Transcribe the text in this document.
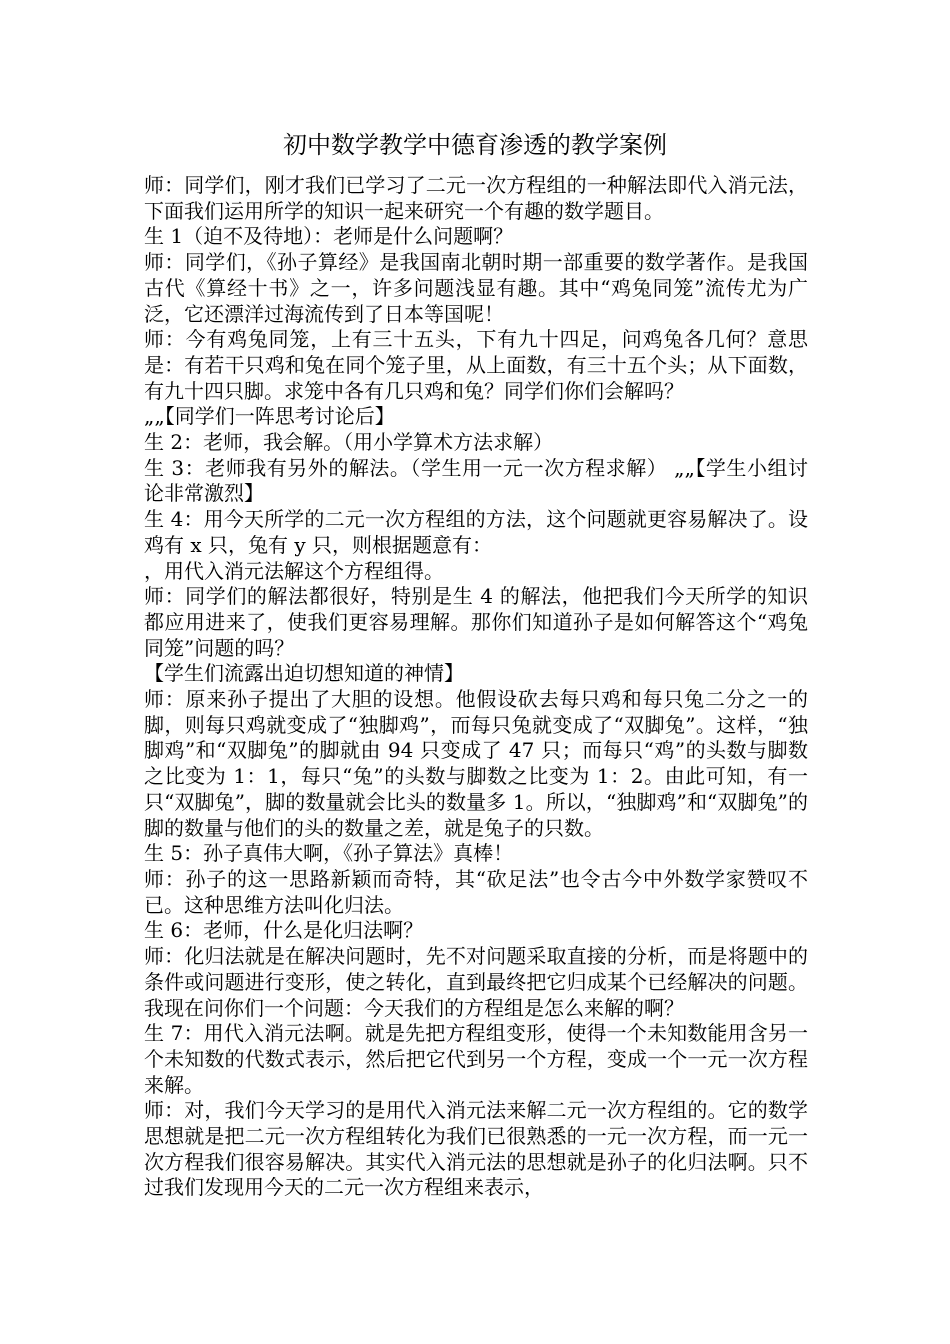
初中数学教学中德育渗透的教学案例

师：同学们，刚才我们已学习了二元一次方程组的一种解法即代入消元法，下面我们运用所学的知识一起来研究一个有趣的数学题目。

生 1（迫不及待地）：老师是什么问题啊？

师：同学们，《孙子算经》是我国南北朝时期一部重要的数学著作。是我国古代《算经十书》之一，许多问题浅显有趣。其中“鸡兔同笼”流传尤为广泛，它还漂洋过海流传到了日本等国呢！

师：今有鸡兔同笼，上有三十五头，下有九十四足，问鸡兔各几何？意思是：有若干只鸡和兔在同个笼子里，从上面数，有三十五个头；从下面数，有九十四只脚。求笼中各有几只鸡和兔？同学们你们会解吗？

„„【同学们一阵思考讨论后】

生 2：老师，我会解。（用小学算术方法求解）

生 3：老师我有另外的解法。（学生用一元一次方程求解） „„【学生小组讨论非常激烈】

生 4：用今天所学的二元一次方程组的方法，这个问题就更容易解决了。设鸡有 x 只，兔有 y 只，则根据题意有：

，用代入消元法解这个方程组得。

师：同学们的解法都很好，特别是生 4 的解法，他把我们今天所学的知识都应用进来了，使我们更容易理解。那你们知道孙子是如何解答这个“鸡兔同笼”问题的吗？

【学生们流露出迫切想知道的神情】

师：原来孙子提出了大胆的设想。他假设砍去每只鸡和每只兔二分之一的脚，则每只鸡就变成了“独脚鸡”，而每只兔就变成了“双脚兔”。这样，“独脚鸡”和“双脚兔”的脚就由 94 只变成了 47 只；而每只“鸡”的头数与脚数之比变为 1：1，每只“兔”的头数与脚数之比变为 1：2。由此可知，有一只“双脚兔”，脚的数量就会比头的数量多 1。所以，“独脚鸡”和“双脚兔”的脚的数量与他们的头的数量之差，就是兔子的只数。

生 5：孙子真伟大啊，《孙子算法》真棒！

师：孙子的这一思路新颖而奇特，其“砍足法”也令古今中外数学家赞叹不已。这种思维方法叫化归法。

生 6：老师，什么是化归法啊？

师：化归法就是在解决问题时，先不对问题采取直接的分析，而是将题中的条件或问题进行变形，使之转化，直到最终把它归成某个已经解决的问题。我现在问你们一个问题：今天我们的方程组是怎么来解的啊？

生 7：用代入消元法啊。就是先把方程组变形，使得一个未知数能用含另一个未知数的代数式表示，然后把它代到另一个方程，变成一个一元一次方程来解。

师：对，我们今天学习的是用代入消元法来解二元一次方程组的。它的数学思想就是把二元一次方程组转化为我们已很熟悉的一元一次方程，而一元一次方程我们很容易解决。其实代入消元法的思想就是孙子的化归法啊。只不过我们发现用今天的二元一次方程组来表示，
